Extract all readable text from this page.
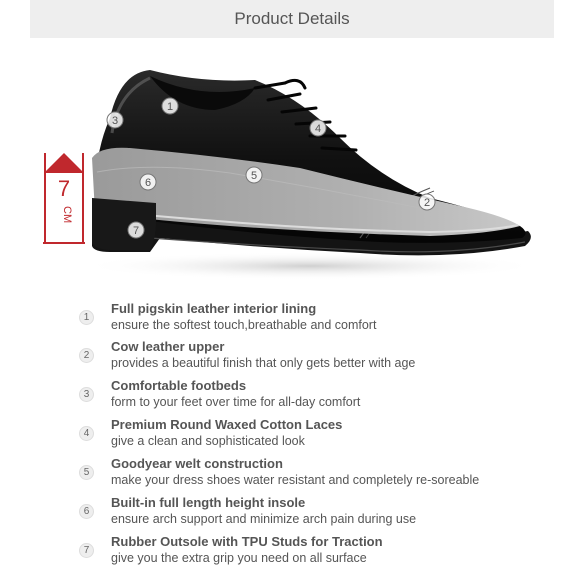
Product Details
7
CM
1
2
3
4
5
6
7
1
Full pigskin leather interior lining
ensure the softest touch,breathable and comfort
2
Cow leather upper
provides a beautiful finish that only gets better with age
3
Comfortable footbeds
form to your feet over time for all-day comfort
4
Premium Round Waxed Cotton Laces
give a clean and sophisticated look
5
Goodyear welt construction
make your dress shoes water resistant and completely re-soreable
6
Built-in full length height insole
ensure arch support and minimize arch pain during use
7
Rubber Outsole with TPU Studs for Traction
give you the extra grip you need on all surface
